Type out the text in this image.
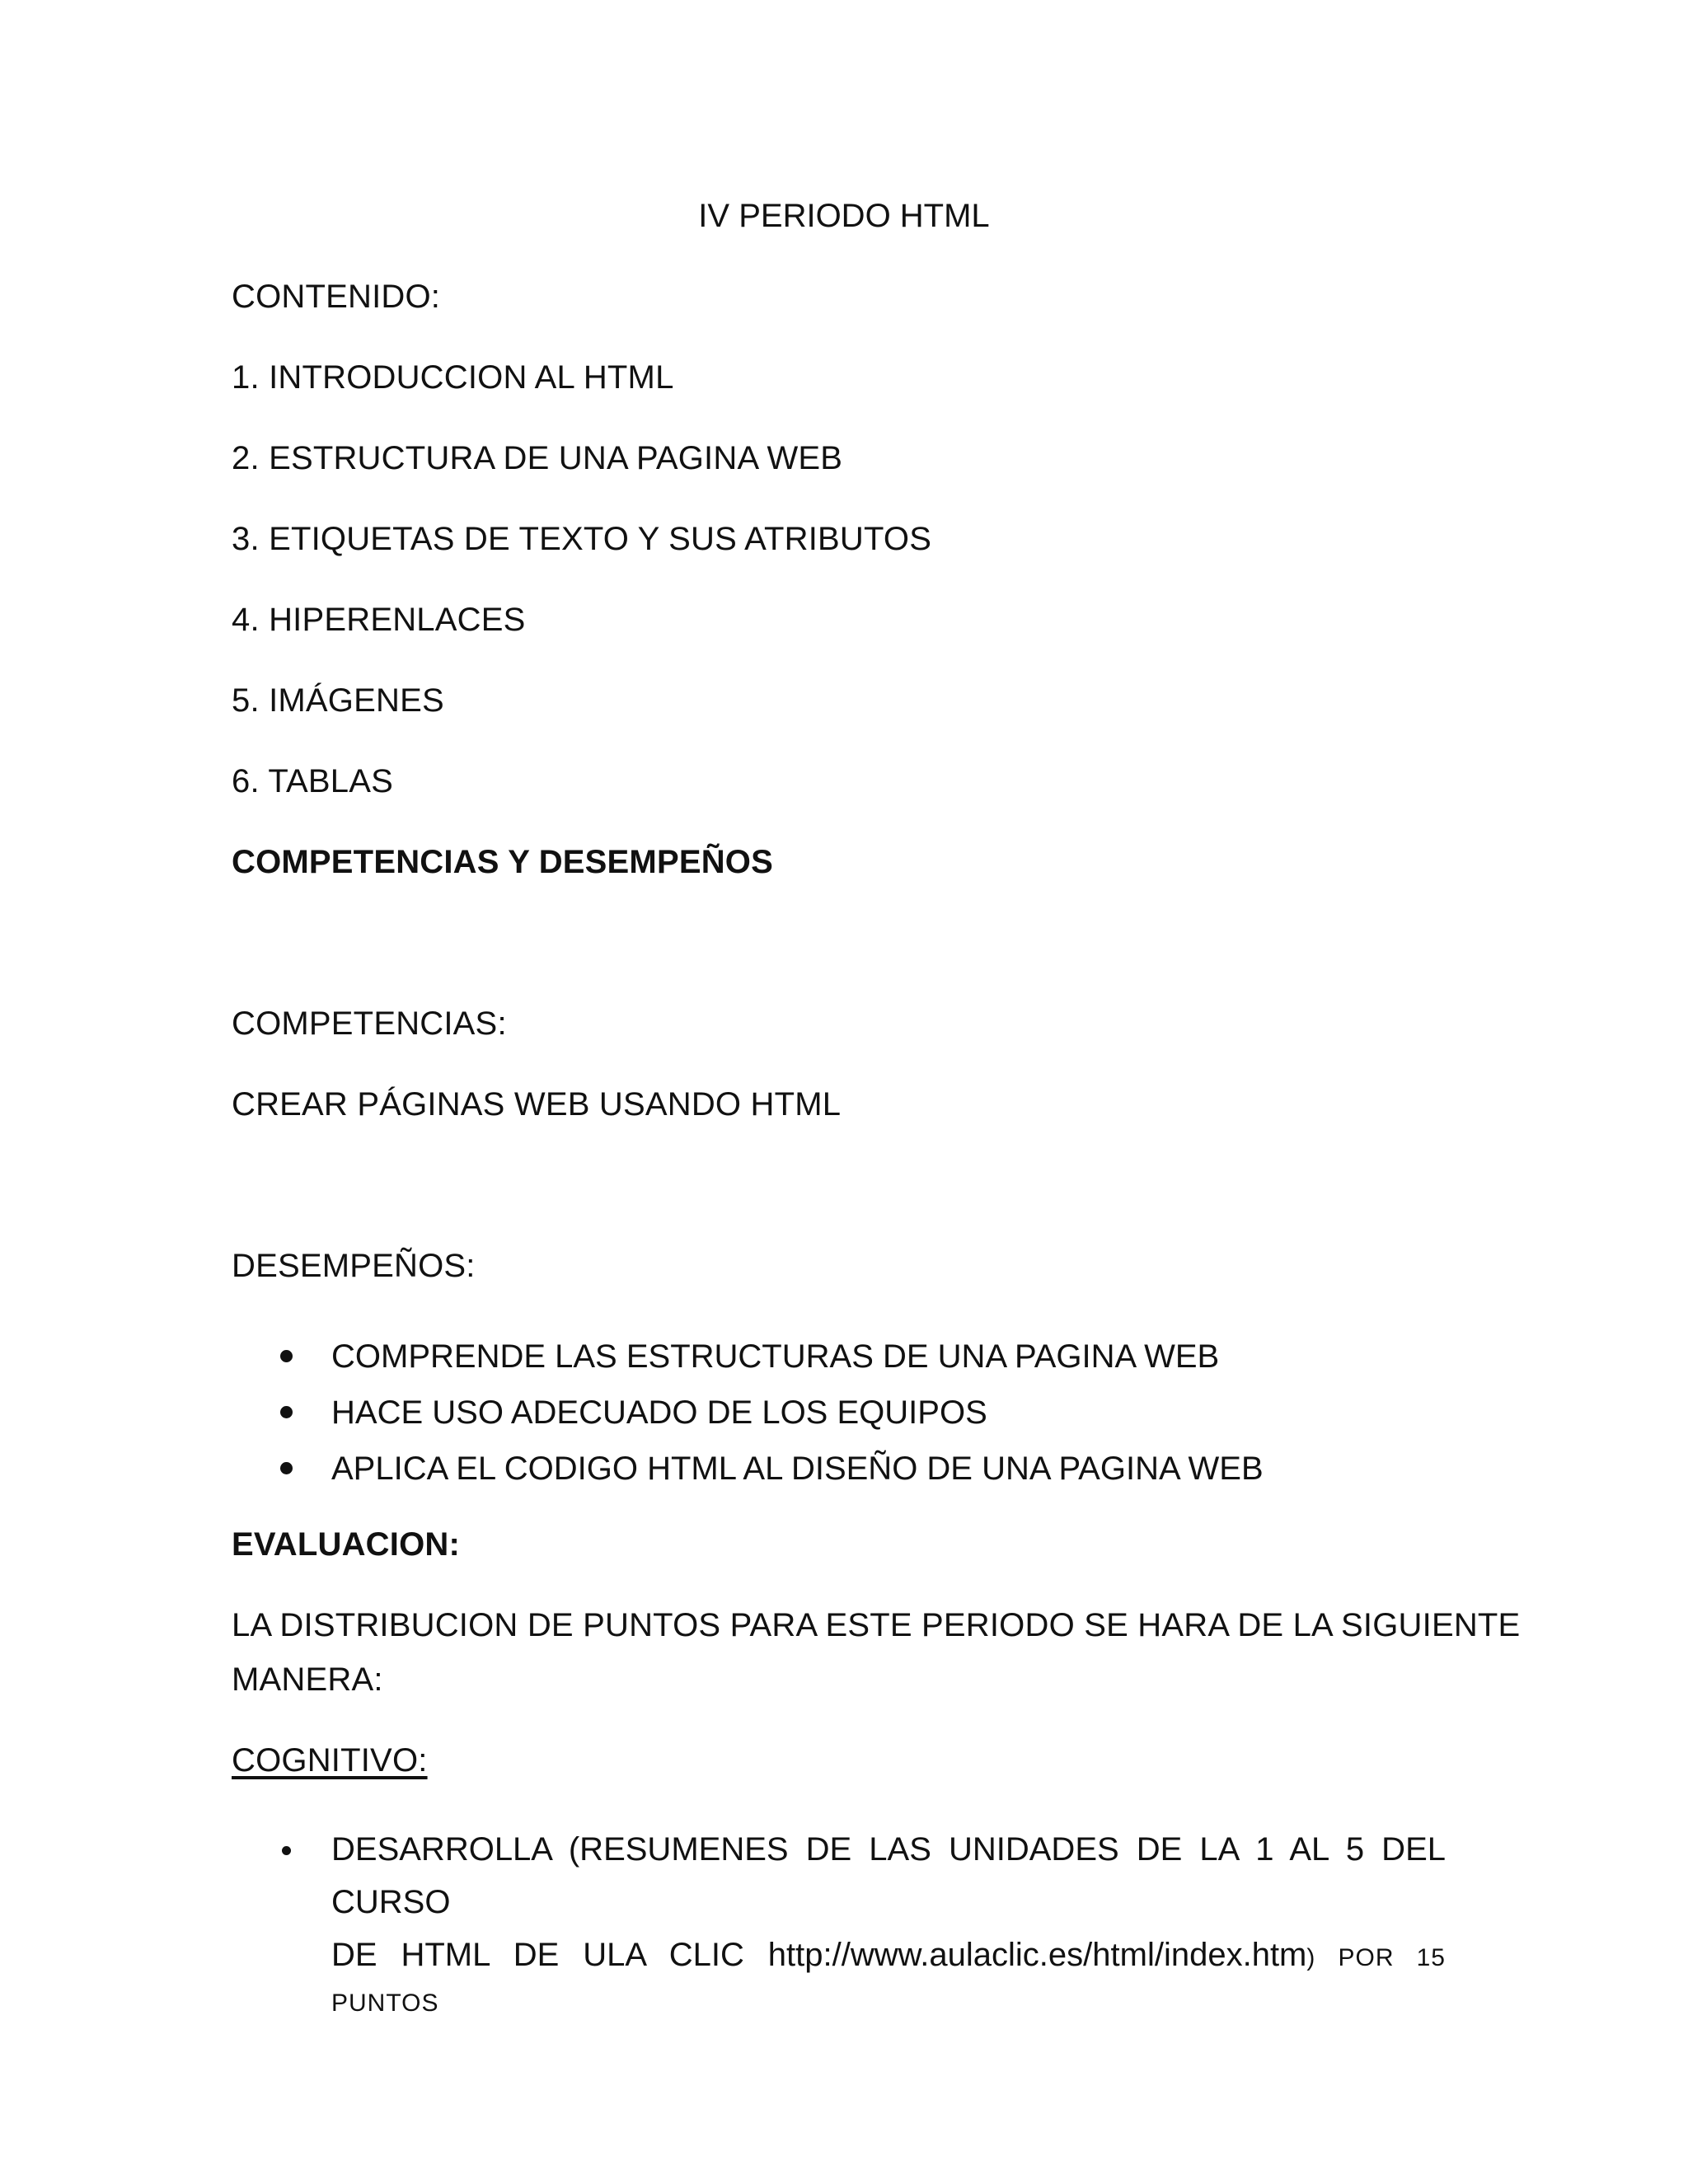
IV PERIODO HTML
CONTENIDO:
1. INTRODUCCION AL HTML
2. ESTRUCTURA DE UNA PAGINA WEB
3. ETIQUETAS DE TEXTO Y SUS ATRIBUTOS
4. HIPERENLACES
5. IMÁGENES
6. TABLAS
COMPETENCIAS Y DESEMPEÑOS
COMPETENCIAS:
CREAR PÁGINAS WEB USANDO HTML
DESEMPEÑOS:
COMPRENDE LAS ESTRUCTURAS DE UNA PAGINA WEB
HACE USO ADECUADO DE LOS EQUIPOS
APLICA EL CODIGO HTML AL DISEÑO DE UNA PAGINA WEB
EVALUACION:
LA DISTRIBUCION DE PUNTOS PARA ESTE PERIODO SE HARA DE LA SIGUIENTE
MANERA:
COGNITIVO:
DESARROLLA (RESUMENES DE LAS UNIDADES DE LA 1 AL 5 DEL CURSO
DE HTML DE ULA CLIC http://www.aulaclic.es/html/index.htm) POR 15
PUNTOS
